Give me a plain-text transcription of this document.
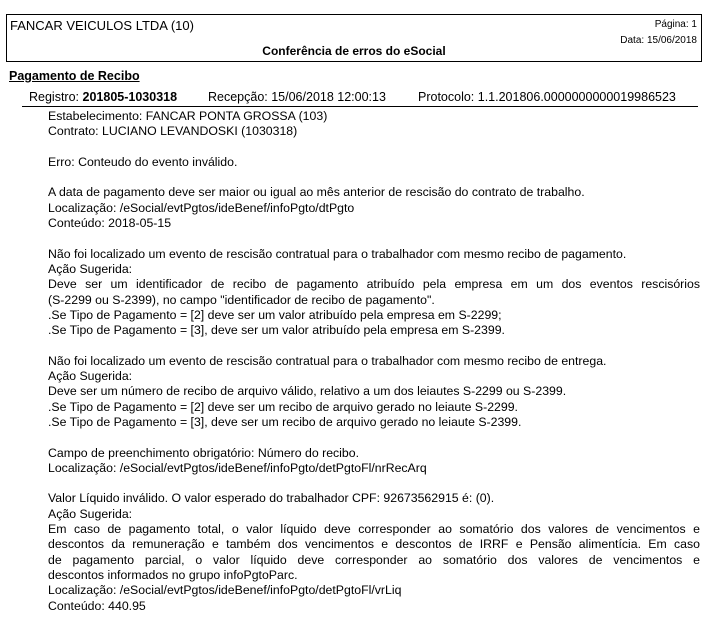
FANCAR VEICULOS LTDA (10)	Página: 1
Data: 15/06/2018
Conferência de erros do eSocial
Pagamento de Recibo
Registro: 201805-1030318 Recepção: 15/06/2018 12:00:13	Protocolo: 1.1.201806.0000000000019986523
Estabelecimento: FANCAR PONTA GROSSA (103)
Contrato: LUCIANO LEVANDOSKI (1030318)
Erro: Conteudo do evento inválido.
A data de pagamento deve ser maior ou igual ao mês anterior de rescisão do contrato de trabalho.
Localização: /eSocial/evtPgtos/ideBenef/infoPgto/dtPgto
Conteúdo: 2018-05-15
Não foi localizado um evento de rescisão contratual para o trabalhador com mesmo recibo de pagamento.
Ação Sugerida:
Deve ser um identificador de recibo de pagamento atribuído pela empresa em um dos eventos rescisórios
(S-2299 ou S-2399), no campo "identificador de recibo de pagamento".
.Se Tipo de Pagamento = [2] deve ser um valor atribuído pela empresa em S-2299;
.Se Tipo de Pagamento = [3], deve ser um valor atribuído pela empresa em S-2399.
Não foi localizado um evento de rescisão contratual para o trabalhador com mesmo recibo de entrega.
Ação Sugerida:
Deve ser um número de recibo de arquivo válido, relativo a um dos leiautes S-2299 ou S-2399.
.Se Tipo de Pagamento = [2] deve ser um recibo de arquivo gerado no leiaute S-2299.
.Se Tipo de Pagamento = [3], deve ser um recibo de arquivo gerado no leiaute S-2399.
Campo de preenchimento obrigatório: Número do recibo.
Localização: /eSocial/evtPgtos/ideBenef/infoPgto/detPgtoFl/nrRecArq
Valor Líquido inválido. O valor esperado do trabalhador CPF: 92673562915 é: (0).
Ação Sugerida:
Em caso de pagamento total, o valor líquido deve corresponder ao somatório dos valores de vencimentos e
descontos da remuneração e também dos vencimentos e descontos de IRRF e Pensão alimentícia. Em caso
de pagamento parcial, o valor líquido deve corresponder ao somatório dos valores de vencimentos e
descontos informados no grupo infoPgtoParc.
Localização: /eSocial/evtPgtos/ideBenef/infoPgto/detPgtoFl/vrLiq
Conteúdo: 440.95
